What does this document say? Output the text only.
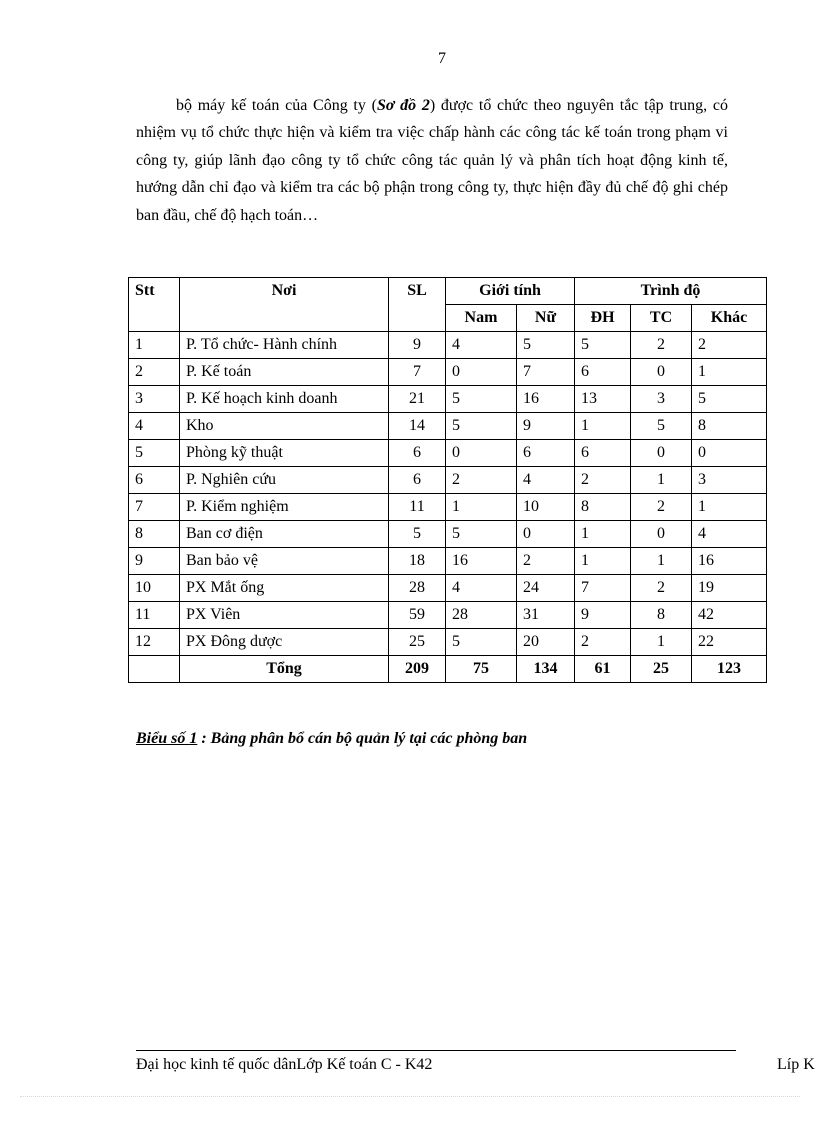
7

bộ máy kế toán của Công ty (Sơ đồ 2) được tổ chức theo nguyên tắc tập trung, có nhiệm vụ tổ chức thực hiện và kiểm tra việc chấp hành các công tác kế toán trong phạm vi công ty, giúp lãnh đạo công ty tổ chức công tác quản lý và phân tích hoạt động kinh tế, hướng dẫn chỉ đạo và kiểm tra các bộ phận trong công ty, thực hiện đầy đủ chế độ ghi chép ban đầu, chế độ hạch toán…

Stt	Nơi	SL	Giới tính		Trình độ		
			Nam	Nữ	ĐH	TC	Khác
1	P. Tổ chức- Hành chính	9	4	5	5	2	2
2	P. Kế toán	7	0	7	6	0	1
3	P. Kế hoạch kinh doanh	21	5	16	13	3	5
4	Kho	14	5	9	1	5	8
5	Phòng kỹ thuật	6	0	6	6	0	0
6	P. Nghiên cứu	6	2	4	2	1	3
7	P. Kiểm nghiệm	11	1	10	8	2	1
8	Ban cơ điện	5	5	0	1	0	4
9	Ban bảo vệ	18	16	2	1	1	16
10	PX Mắt ống	28	4	24	7	2	19
11	PX Viên	59	28	31	9	8	42
12	PX Đông dược	25	5	20	2	1	22
	Tổng	209	75	134	61	25	123
Biểu số 1 : Bảng phân bổ cán bộ quản lý tại các phòng ban
Đại học kinh tế quốc dânLớp Kế toán C - K42	Líp K
